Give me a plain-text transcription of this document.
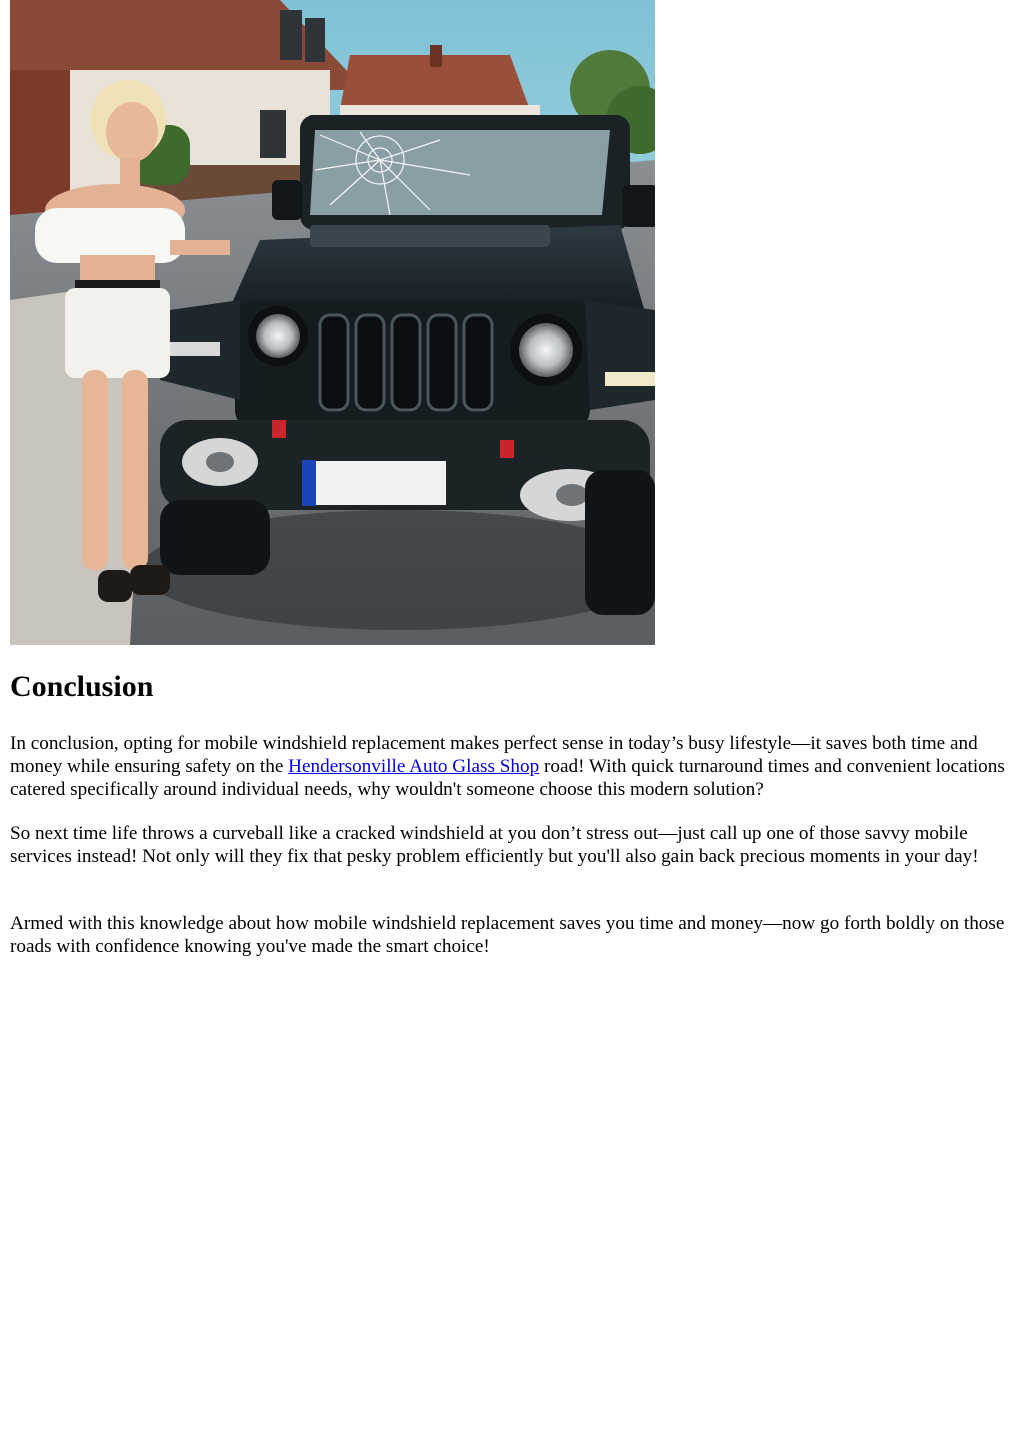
Conclusion

In conclusion, opting for mobile windshield replacement makes perfect sense in today’s busy lifestyle—it saves both time and money while ensuring safety on the Hendersonville Auto Glass Shop road! With quick turnaround times and convenient locations catered specifically around individual needs, why wouldn't someone choose this modern solution?

So next time life throws a curveball like a cracked windshield at you don’t stress out—just call up one of those savvy mobile services instead! Not only will they fix that pesky problem efficiently but you'll also gain back precious moments in your day!

Armed with this knowledge about how mobile windshield replacement saves you time and money—now go forth boldly on those roads with confidence knowing you've made the smart choice!
